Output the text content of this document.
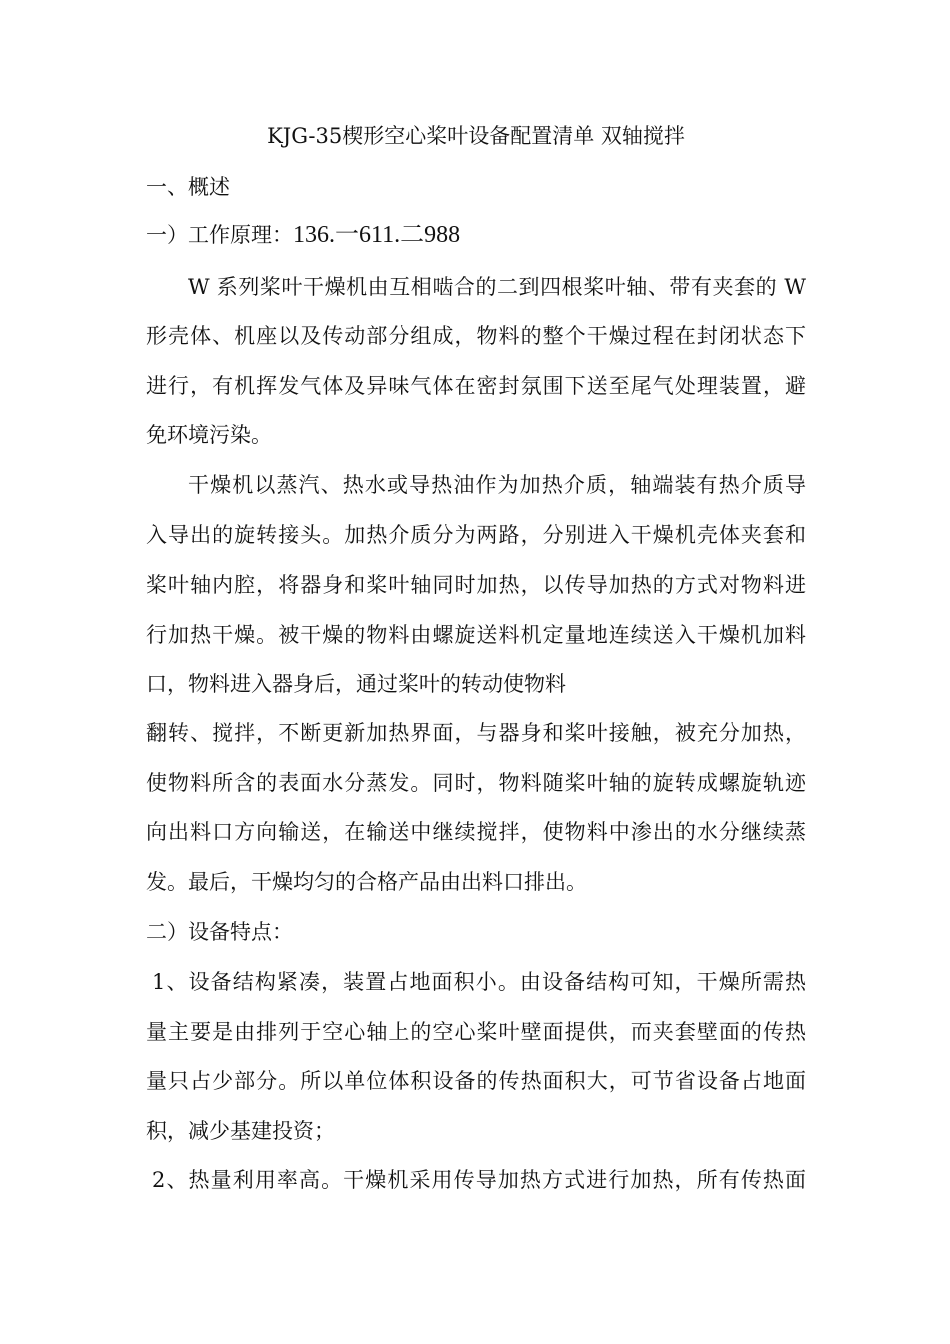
KJG-35楔形空心桨叶设备配置清单 双轴搅拌
一、概述
一）工作原理：136.一611.二988
W 系列桨叶干燥机由互相啮合的二到四根桨叶轴、带有夹套的 W
形壳体、机座以及传动部分组成，物料的整个干燥过程在封闭状态下
进行，有机挥发气体及异味气体在密封氛围下送至尾气处理装置，避
免环境污染。
干燥机以蒸汽、热水或导热油作为加热介质，轴端装有热介质导
入导出的旋转接头。加热介质分为两路，分别进入干燥机壳体夹套和
桨叶轴内腔，将器身和桨叶轴同时加热，以传导加热的方式对物料进
行加热干燥。被干燥的物料由螺旋送料机定量地连续送入干燥机加料
口，物料进入器身后，通过桨叶的转动使物料
翻转、搅拌，不断更新加热界面，与器身和桨叶接触，被充分加热，
使物料所含的表面水分蒸发。同时，物料随桨叶轴的旋转成螺旋轨迹
向出料口方向输送，在输送中继续搅拌，使物料中渗出的水分继续蒸
发。最后，干燥均匀的合格产品由出料口排出。
二）设备特点：
1、设备结构紧凑，装置占地面积小。由设备结构可知，干燥所需热
量主要是由排列于空心轴上的空心桨叶壁面提供，而夹套壁面的传热
量只占少部分。所以单位体积设备的传热面积大，可节省设备占地面
积，减少基建投资；
2、热量利用率高。干燥机采用传导加热方式进行加热，所有传热面
